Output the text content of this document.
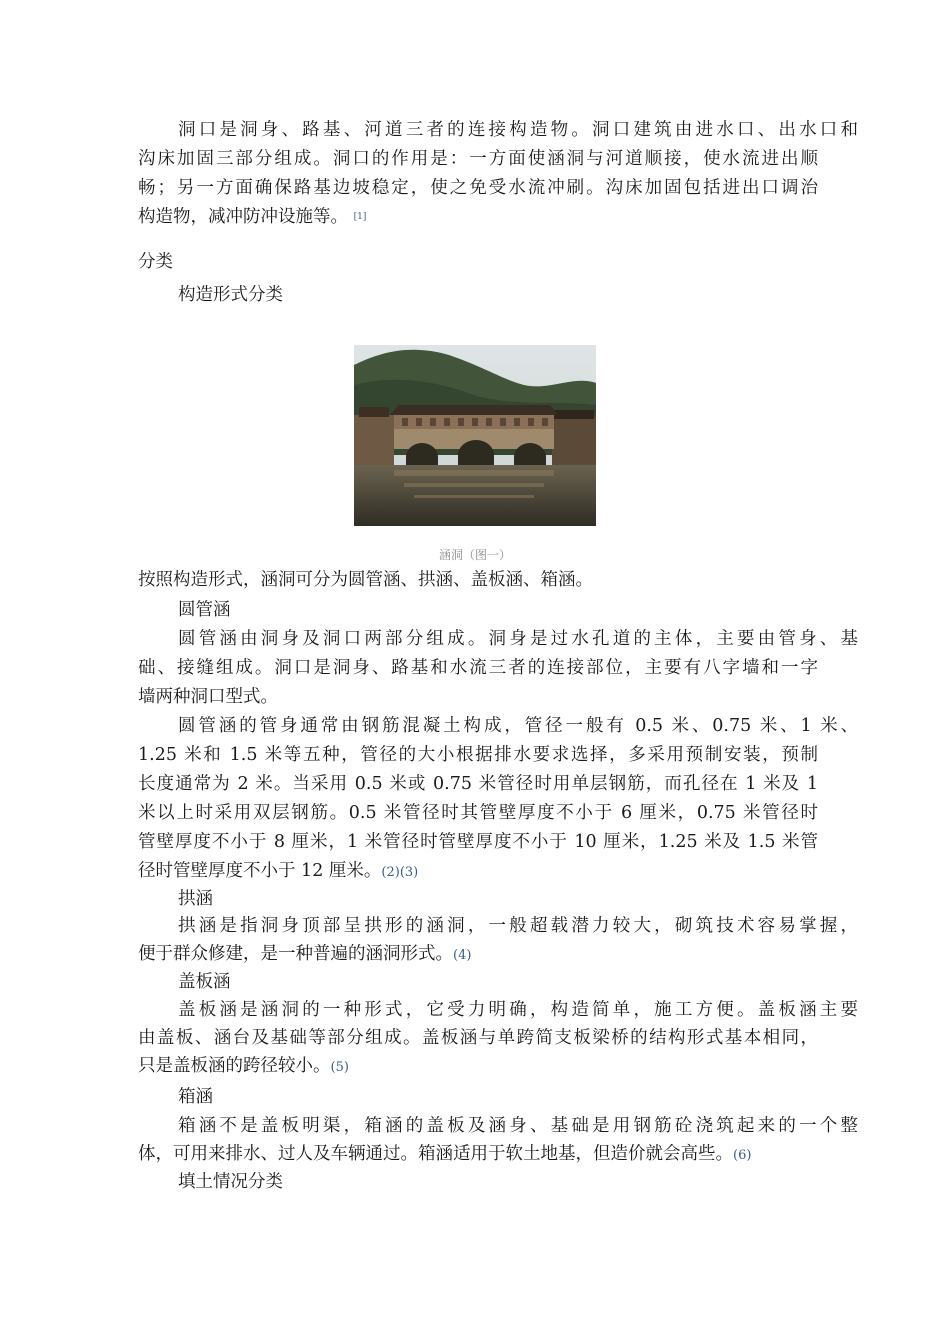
洞口是洞身、路基、河道三者的连接构造物。洞口建筑由进水口、出水口和
沟床加固三部分组成。洞口的作用是：一方面使涵洞与河道顺接，使水流进出顺
畅；另一方面确保路基边坡稳定，使之免受水流冲刷。沟床加固包括进出口调治
构造物，减冲防冲设施等。 [1]
分类
构造形式分类
涵洞（图一）
按照构造形式，涵洞可分为圆管涵、拱涵、盖板涵、箱涵。
圆管涵
圆管涵由洞身及洞口两部分组成。洞身是过水孔道的主体，主要由管身、基
础、接缝组成。洞口是洞身、路基和水流三者的连接部位，主要有八字墙和一字
墙两种洞口型式。
圆管涵的管身通常由钢筋混凝土构成，管径一般有 0.5 米、0.75 米、1 米、
1.25 米和 1.5 米等五种，管径的大小根据排水要求选择，多采用预制安装，预制
长度通常为 2 米。当采用 0.5 米或 0.75 米管径时用单层钢筋，而孔径在 1 米及 1
米以上时采用双层钢筋。0.5 米管径时其管壁厚度不小于 6 厘米，0.75 米管径时
管壁厚度不小于 8 厘米，1 米管径时管壁厚度不小于 10 厘米，1.25 米及 1.5 米管
径时管壁厚度不小于 12 厘米。(2)(3)
拱涵
拱涵是指洞身顶部呈拱形的涵洞，一般超载潜力较大，砌筑技术容易掌握，
便于群众修建，是一种普遍的涵洞形式。(4)
盖板涵
盖板涵是涵洞的一种形式，它受力明确，构造简单，施工方便。盖板涵主要
由盖板、涵台及基础等部分组成。盖板涵与单跨简支板梁桥的结构形式基本相同，
只是盖板涵的跨径较小。(5)
箱涵
箱涵不是盖板明渠，箱涵的盖板及涵身、基础是用钢筋砼浇筑起来的一个整
体，可用来排水、过人及车辆通过。箱涵适用于软土地基，但造价就会高些。(6)
填土情况分类
